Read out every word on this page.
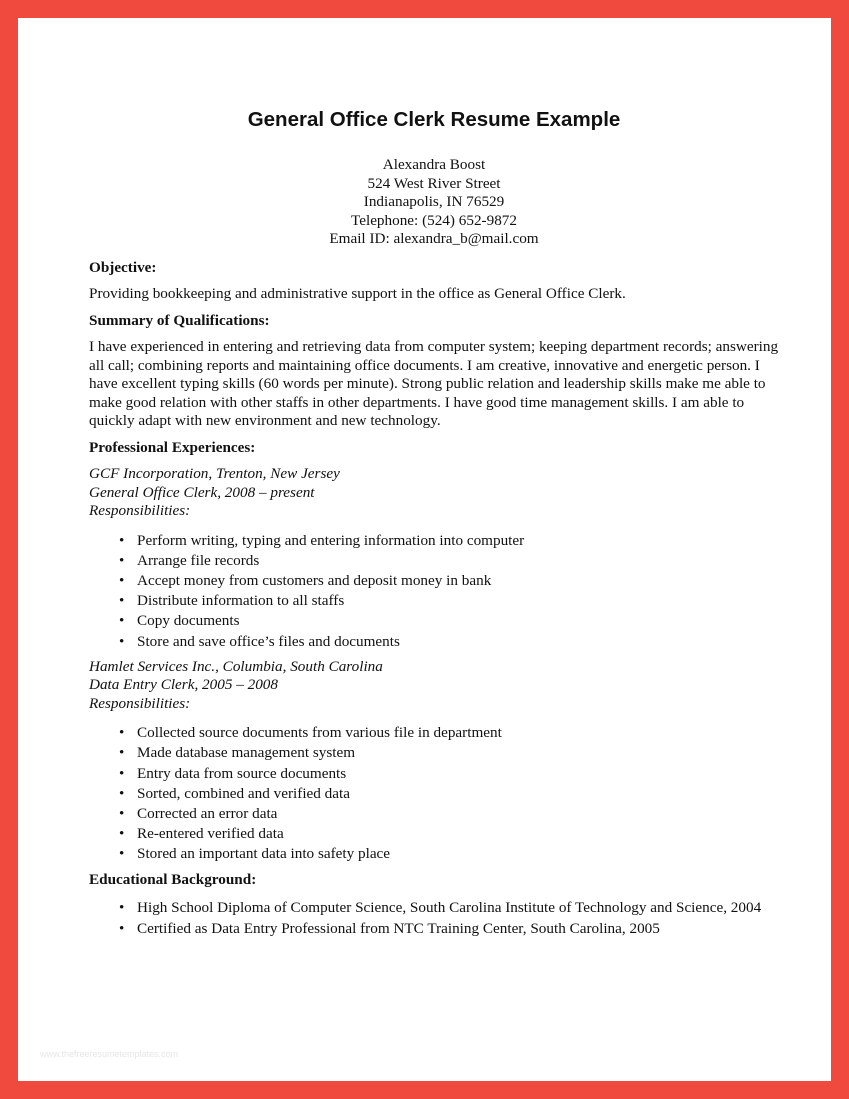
General Office Clerk Resume Example
Alexandra Boost
524 West River Street
Indianapolis, IN 76529
Telephone: (524) 652-9872
Email ID: alexandra_b@mail.com
Objective:
Providing bookkeeping and administrative support in the office as General Office Clerk.
Summary of Qualifications:
I have experienced in entering and retrieving data from computer system; keeping department records; answering all call; combining reports and maintaining office documents. I am creative, innovative and energetic person. I have excellent typing skills (60 words per minute). Strong public relation and leadership skills make me able to make good relation with other staffs in other departments. I have good time management skills. I am able to quickly adapt with new environment and new technology.
Professional Experiences:
GCF Incorporation, Trenton, New Jersey
General Office Clerk, 2008 – present
Responsibilities:
• Perform writing, typing and entering information into computer
• Arrange file records
• Accept money from customers and deposit money in bank
• Distribute information to all staffs
• Copy documents
• Store and save office’s files and documents
Hamlet Services Inc., Columbia, South Carolina
Data Entry Clerk, 2005 – 2008
Responsibilities:
• Collected source documents from various file in department
• Made database management system
• Entry data from source documents
• Sorted, combined and verified data
• Corrected an error data
• Re-entered verified data
• Stored an important data into safety place
Educational Background:
• High School Diploma of Computer Science, South Carolina Institute of Technology and Science, 2004
• Certified as Data Entry Professional from NTC Training Center, South Carolina, 2005
www.thefreeresumetemplates.com
